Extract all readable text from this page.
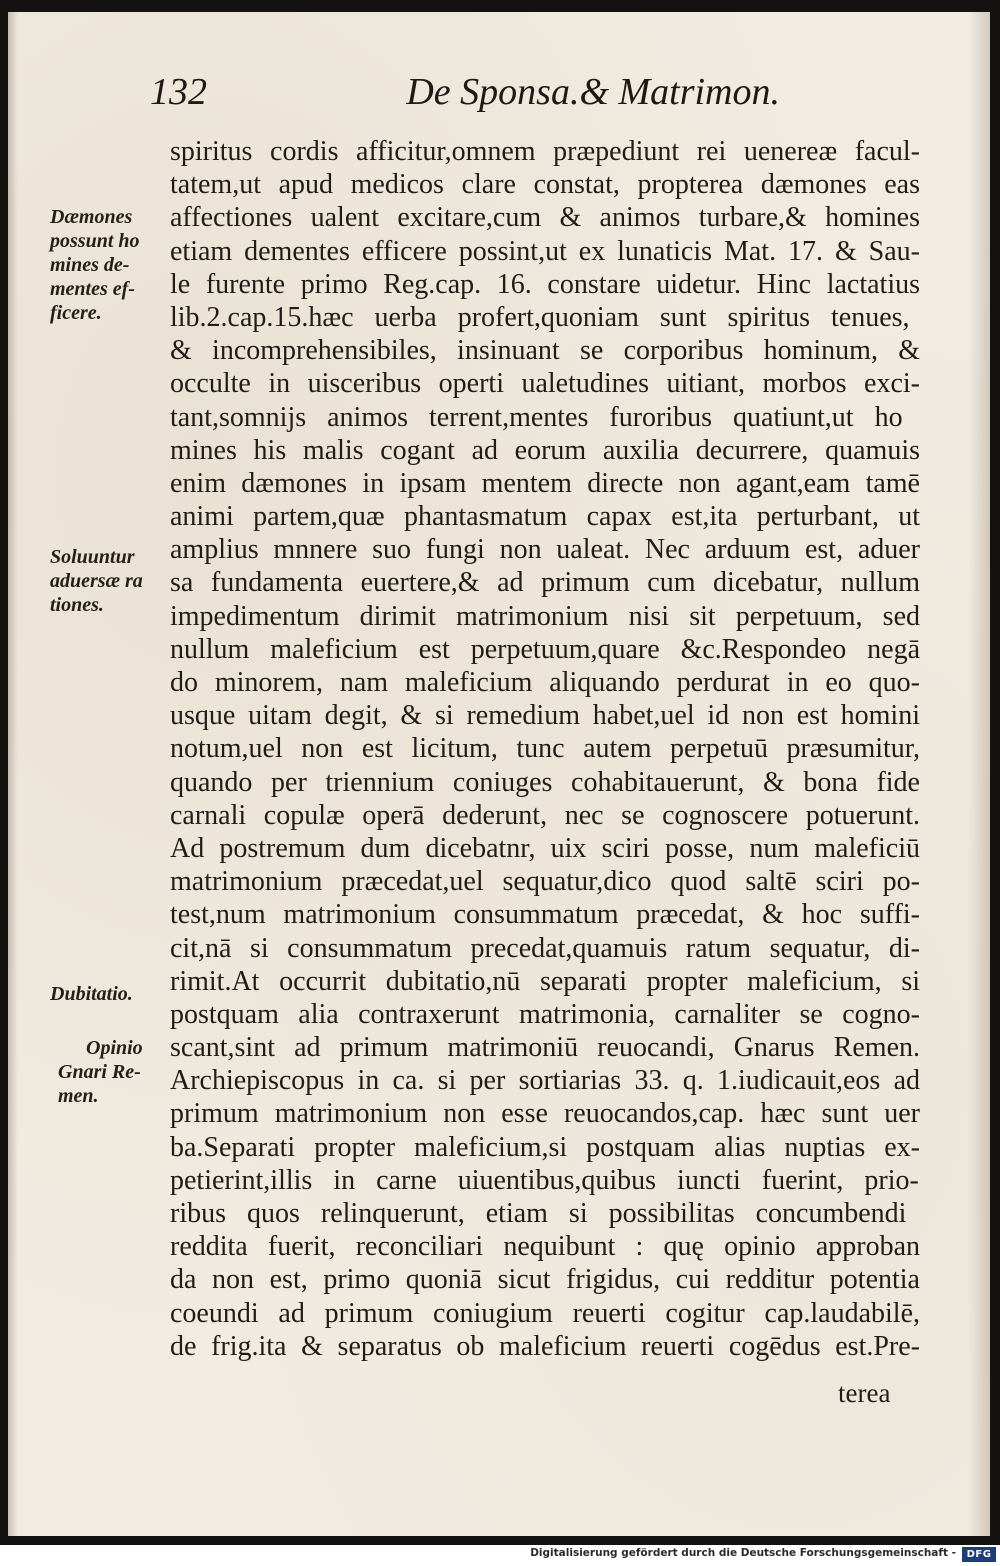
132	De Sponsa.& Matrimon.
Dæmones
possunt ho
mines de-
mentes ef-
ficere.
Soluuntur
aduersæ ra
tiones.
Dubitatio.
Opinio
Gnari Re-
men.
spiritus cordis afficitur,omnem præpediunt rei uenereæ facul-
tatem,ut apud medicos clare constat, propterea dæmones eas
affectiones ualent excitare,cum & animos turbare,& homines
etiam dementes efficere possint,ut ex lunaticis Mat. 17. & Sau-
le furente primo Reg.cap. 16. constare uidetur. Hinc lactatius
lib.2.cap.15.hæc uerba profert,quoniam sunt spiritus tenues,
& incomprehensibiles, insinuant se corporibus hominum, &
occulte in uisceribus operti ualetudines uitiant, morbos exci-
tant,somnijs animos terrent,mentes furoribus quatiunt,ut ho
mines his malis cogant ad eorum auxilia decurrere, quamuis
enim dæmones in ipsam mentem directe non agant,eam tamē
animi partem,quæ phantasmatum capax est,ita perturbant, ut
amplius mnnere suo fungi non ualeat. Nec arduum est, aduer
sa fundamenta euertere,& ad primum cum dicebatur, nullum
impedimentum dirimit matrimonium nisi sit perpetuum, sed
nullum maleficium est perpetuum,quare &c.Respondeo negā
do minorem, nam maleficium aliquando perdurat in eo quo-
usque uitam degit, & si remedium habet,uel id non est homini
notum,uel non est licitum, tunc autem perpetuū præsumitur,
quando per triennium coniuges cohabitauerunt, & bona fide
carnali copulæ operā dederunt, nec se cognoscere potuerunt.
Ad postremum dum dicebatnr, uix sciri posse, num maleficiū
matrimonium præcedat,uel sequatur,dico quod saltē sciri po-
test,num matrimonium consummatum præcedat, & hoc suffi-
cit,nā si consummatum precedat,quamuis ratum sequatur, di-
rimit.At occurrit dubitatio,nū separati propter maleficium, si
postquam alia contraxerunt matrimonia, carnaliter se cogno-
scant,sint ad primum matrimoniū reuocandi, Gnarus Remen.
Archiepiscopus in ca. si per sortiarias 33. q. 1.iudicauit,eos ad
primum matrimonium non esse reuocandos,cap. hæc sunt uer
ba.Separati propter maleficium,si postquam alias nuptias ex-
petierint,illis in carne uiuentibus,quibus iuncti fuerint, prio-
ribus quos relinquerunt, etiam si possibilitas concumbendi
reddita fuerit, reconciliari nequibunt : quę opinio approban
da non est, primo quoniā sicut frigidus, cui redditur potentia
coeundi ad primum coniugium reuerti cogitur cap.laudabilē,
de frig.ita & separatus ob maleficium reuerti cogēdus est.Pre-
terea
Digitalisierung gefördert durch die Deutsche Forschungsgemeinschaft -	DFG
